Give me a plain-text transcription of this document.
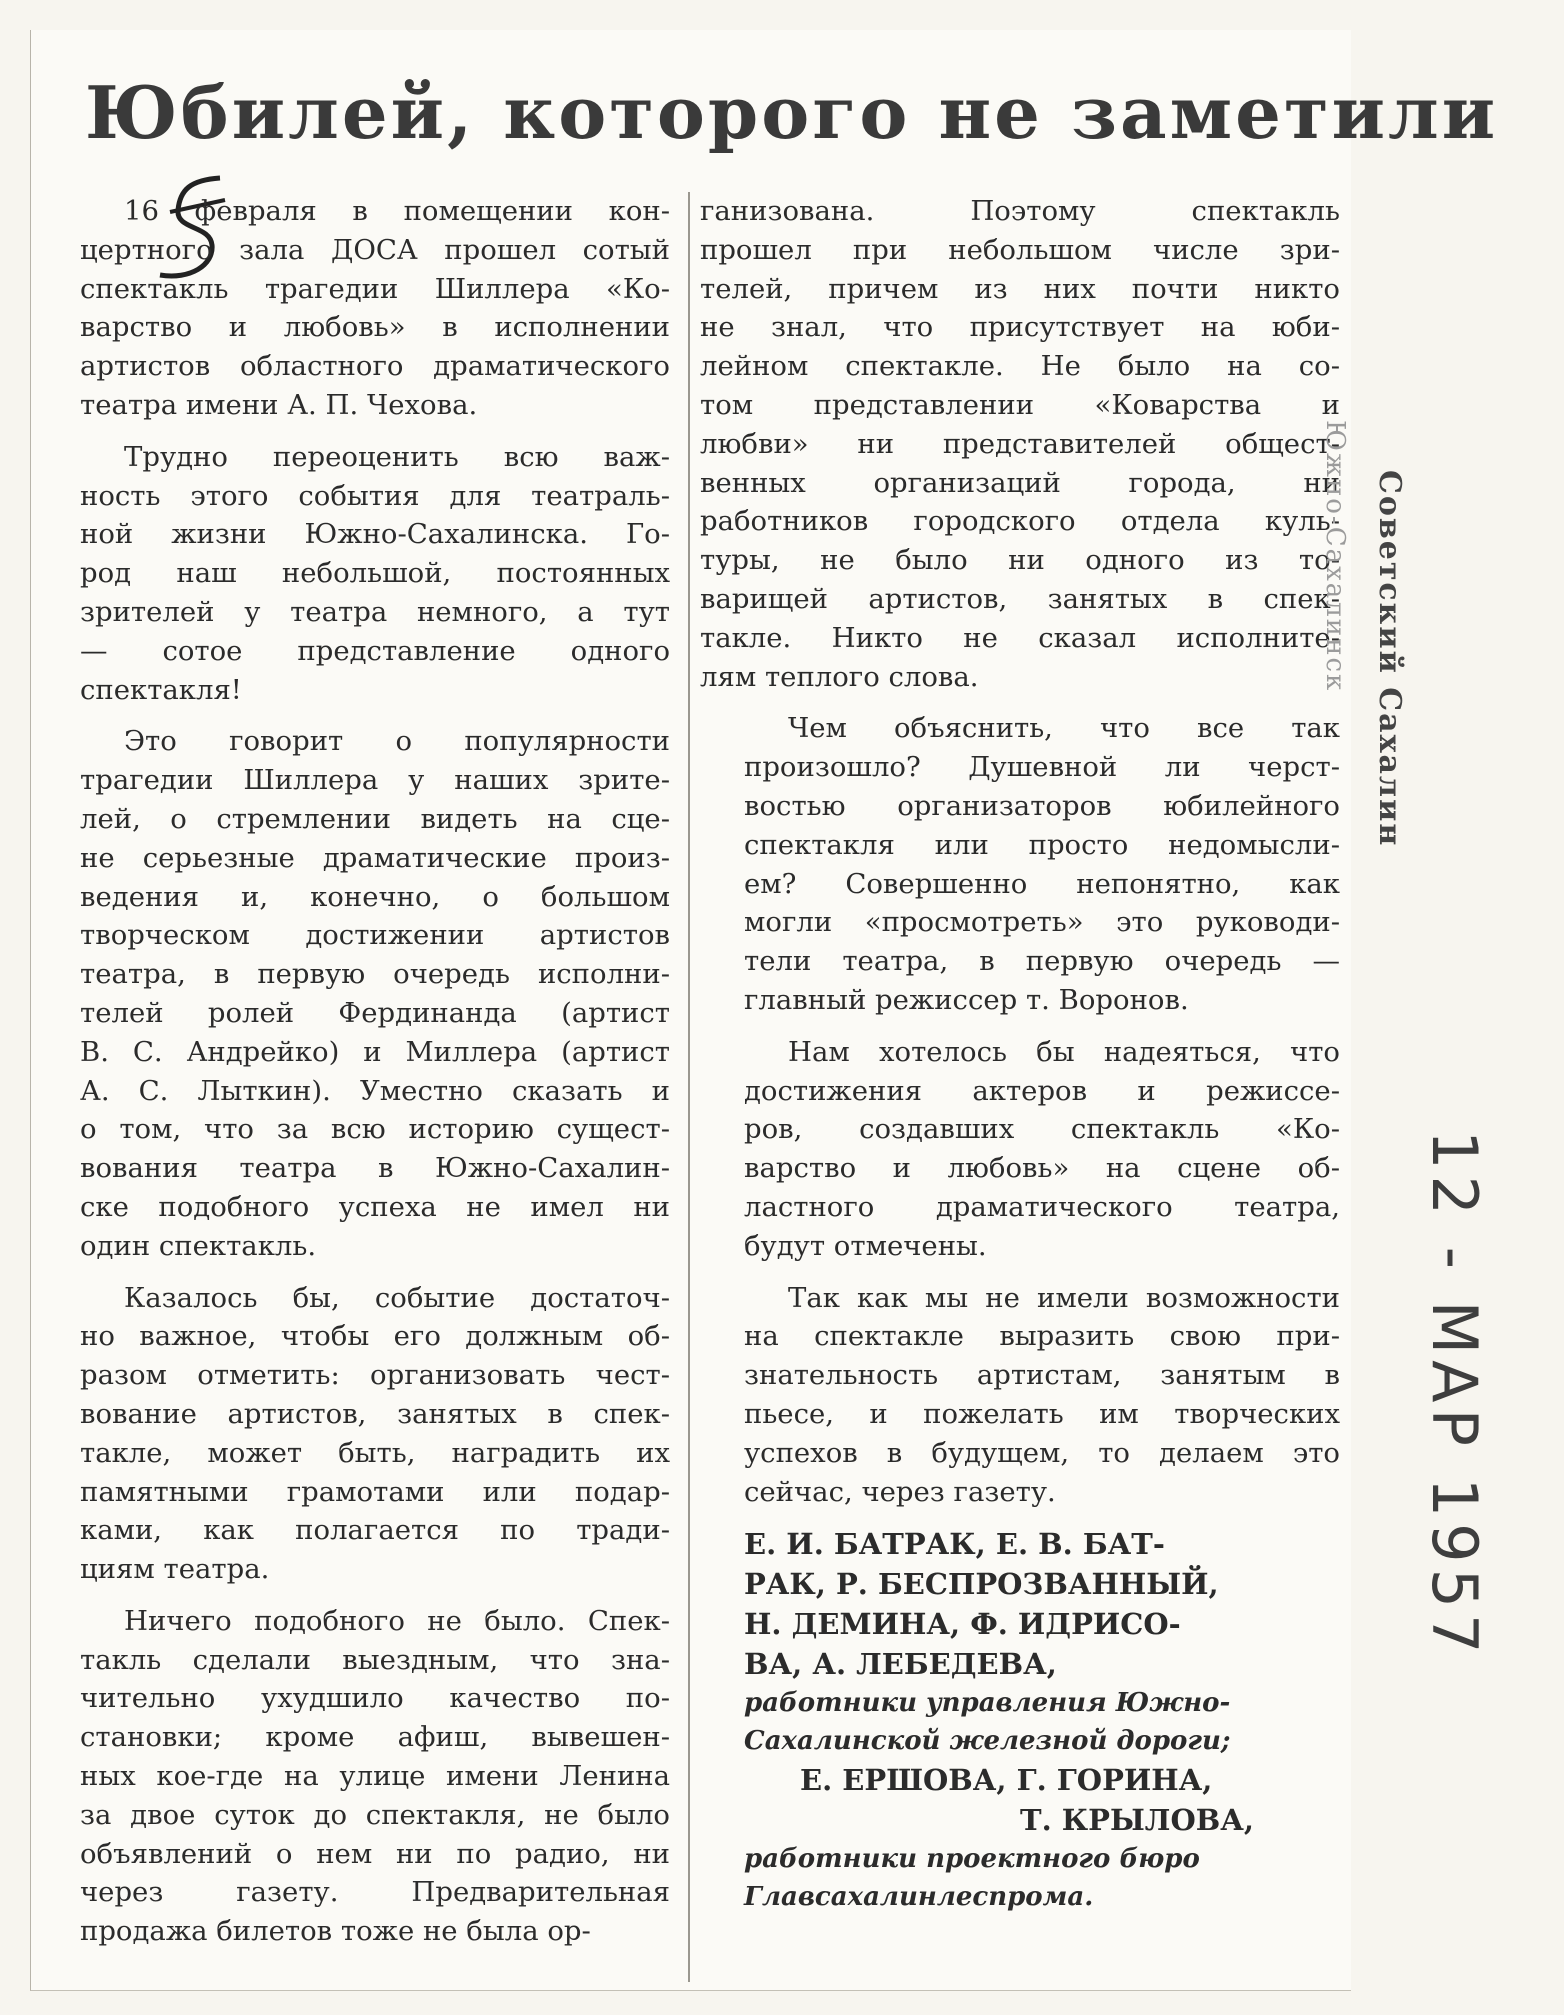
Юбилей, которого не заметили

16 февраля в помещении кон-
цертного зала ДОСА прошел сотый
спектакль трагедии Шиллера «Ко-
варство и любовь» в исполнении
артистов областного драматического
театра имени А. П. Чехова.

Трудно переоценить всю важ-
ность этого события для театраль-
ной жизни Южно-Сахалинска. Го-
род наш небольшой, постоянных
зрителей у театра немного, а тут
— сотое представление одного
спектакля!

Это говорит о популярности
трагедии Шиллера у наших зрите-
лей, о стремлении видеть на сце-
не серьезные драматические произ-
ведения и, конечно, о большом
творческом достижении артистов
театра, в первую очередь исполни-
телей ролей Фердинанда (артист
В. С. Андрейко) и Миллера (артист
А. С. Лыткин). Уместно сказать и
о том, что за всю историю сущест-
вования театра в Южно-Сахалин-
ске подобного успеха не имел ни
один спектакль.

Казалось бы, событие достаточ-
но важное, чтобы его должным об-
разом отметить: организовать чест-
вование артистов, занятых в спек-
такле, может быть, наградить их
памятными грамотами или подар-
ками, как полагается по тради-
циям театра.

Ничего подобного не было. Спек-
такль сделали выездным, что зна-
чительно ухудшило качество по-
становки; кроме афиш, вывешен-
ных кое-где на улице имени Ленина
за двое суток до спектакля, не было
объявлений о нем ни по радио, ни
через газету. Предварительная
продажа билетов тоже не была ор-

ганизована. Поэтому спектакль
прошел при небольшом числе зри-
телей, причем из них почти никто
не знал, что присутствует на юби-
лейном спектакле. Не было на со-
том представлении «Коварства и
любви» ни представителей общест-
венных организаций города, ни
работников городского отдела куль-
туры, не было ни одного из то-
варищей артистов, занятых в спек-
такле. Никто не сказал исполните-
лям теплого слова.

Чем объяснить, что все так
произошло? Душевной ли черст-
востью организаторов юбилейного
спектакля или просто недомысли-
ем? Совершенно непонятно, как
могли «просмотреть» это руководи-
тели театра, в первую очередь —
главный режиссер т. Воронов.

Нам хотелось бы надеяться, что
достижения актеров и режиссе-
ров, создавших спектакль «Ко-
варство и любовь» на сцене об-
ластного драматического театра,
будут отмечены.

Так как мы не имели возможности
на спектакле выразить свою при-
знательность артистам, занятым в
пьесе, и пожелать им творческих
успехов в будущем, то делаем это
сейчас, через газету.

Е. И. БАТРАК, Е. В. БАТ-
РАК, Р. БЕСПРОЗВАННЫЙ,
Н. ДЕМИНА, Ф. ИДРИСО-
ВА, А. ЛЕБЕДЕВА,
работники управления Южно-
Сахалинской железной дороги;
Е. ЕРШОВА, Г. ГОРИНА,
Т. КРЫЛОВА,
работники проектного бюро
Главсахалинлеспрома.
Южно-Сахалинск Советский Сахалин
12 - МАР 1957
